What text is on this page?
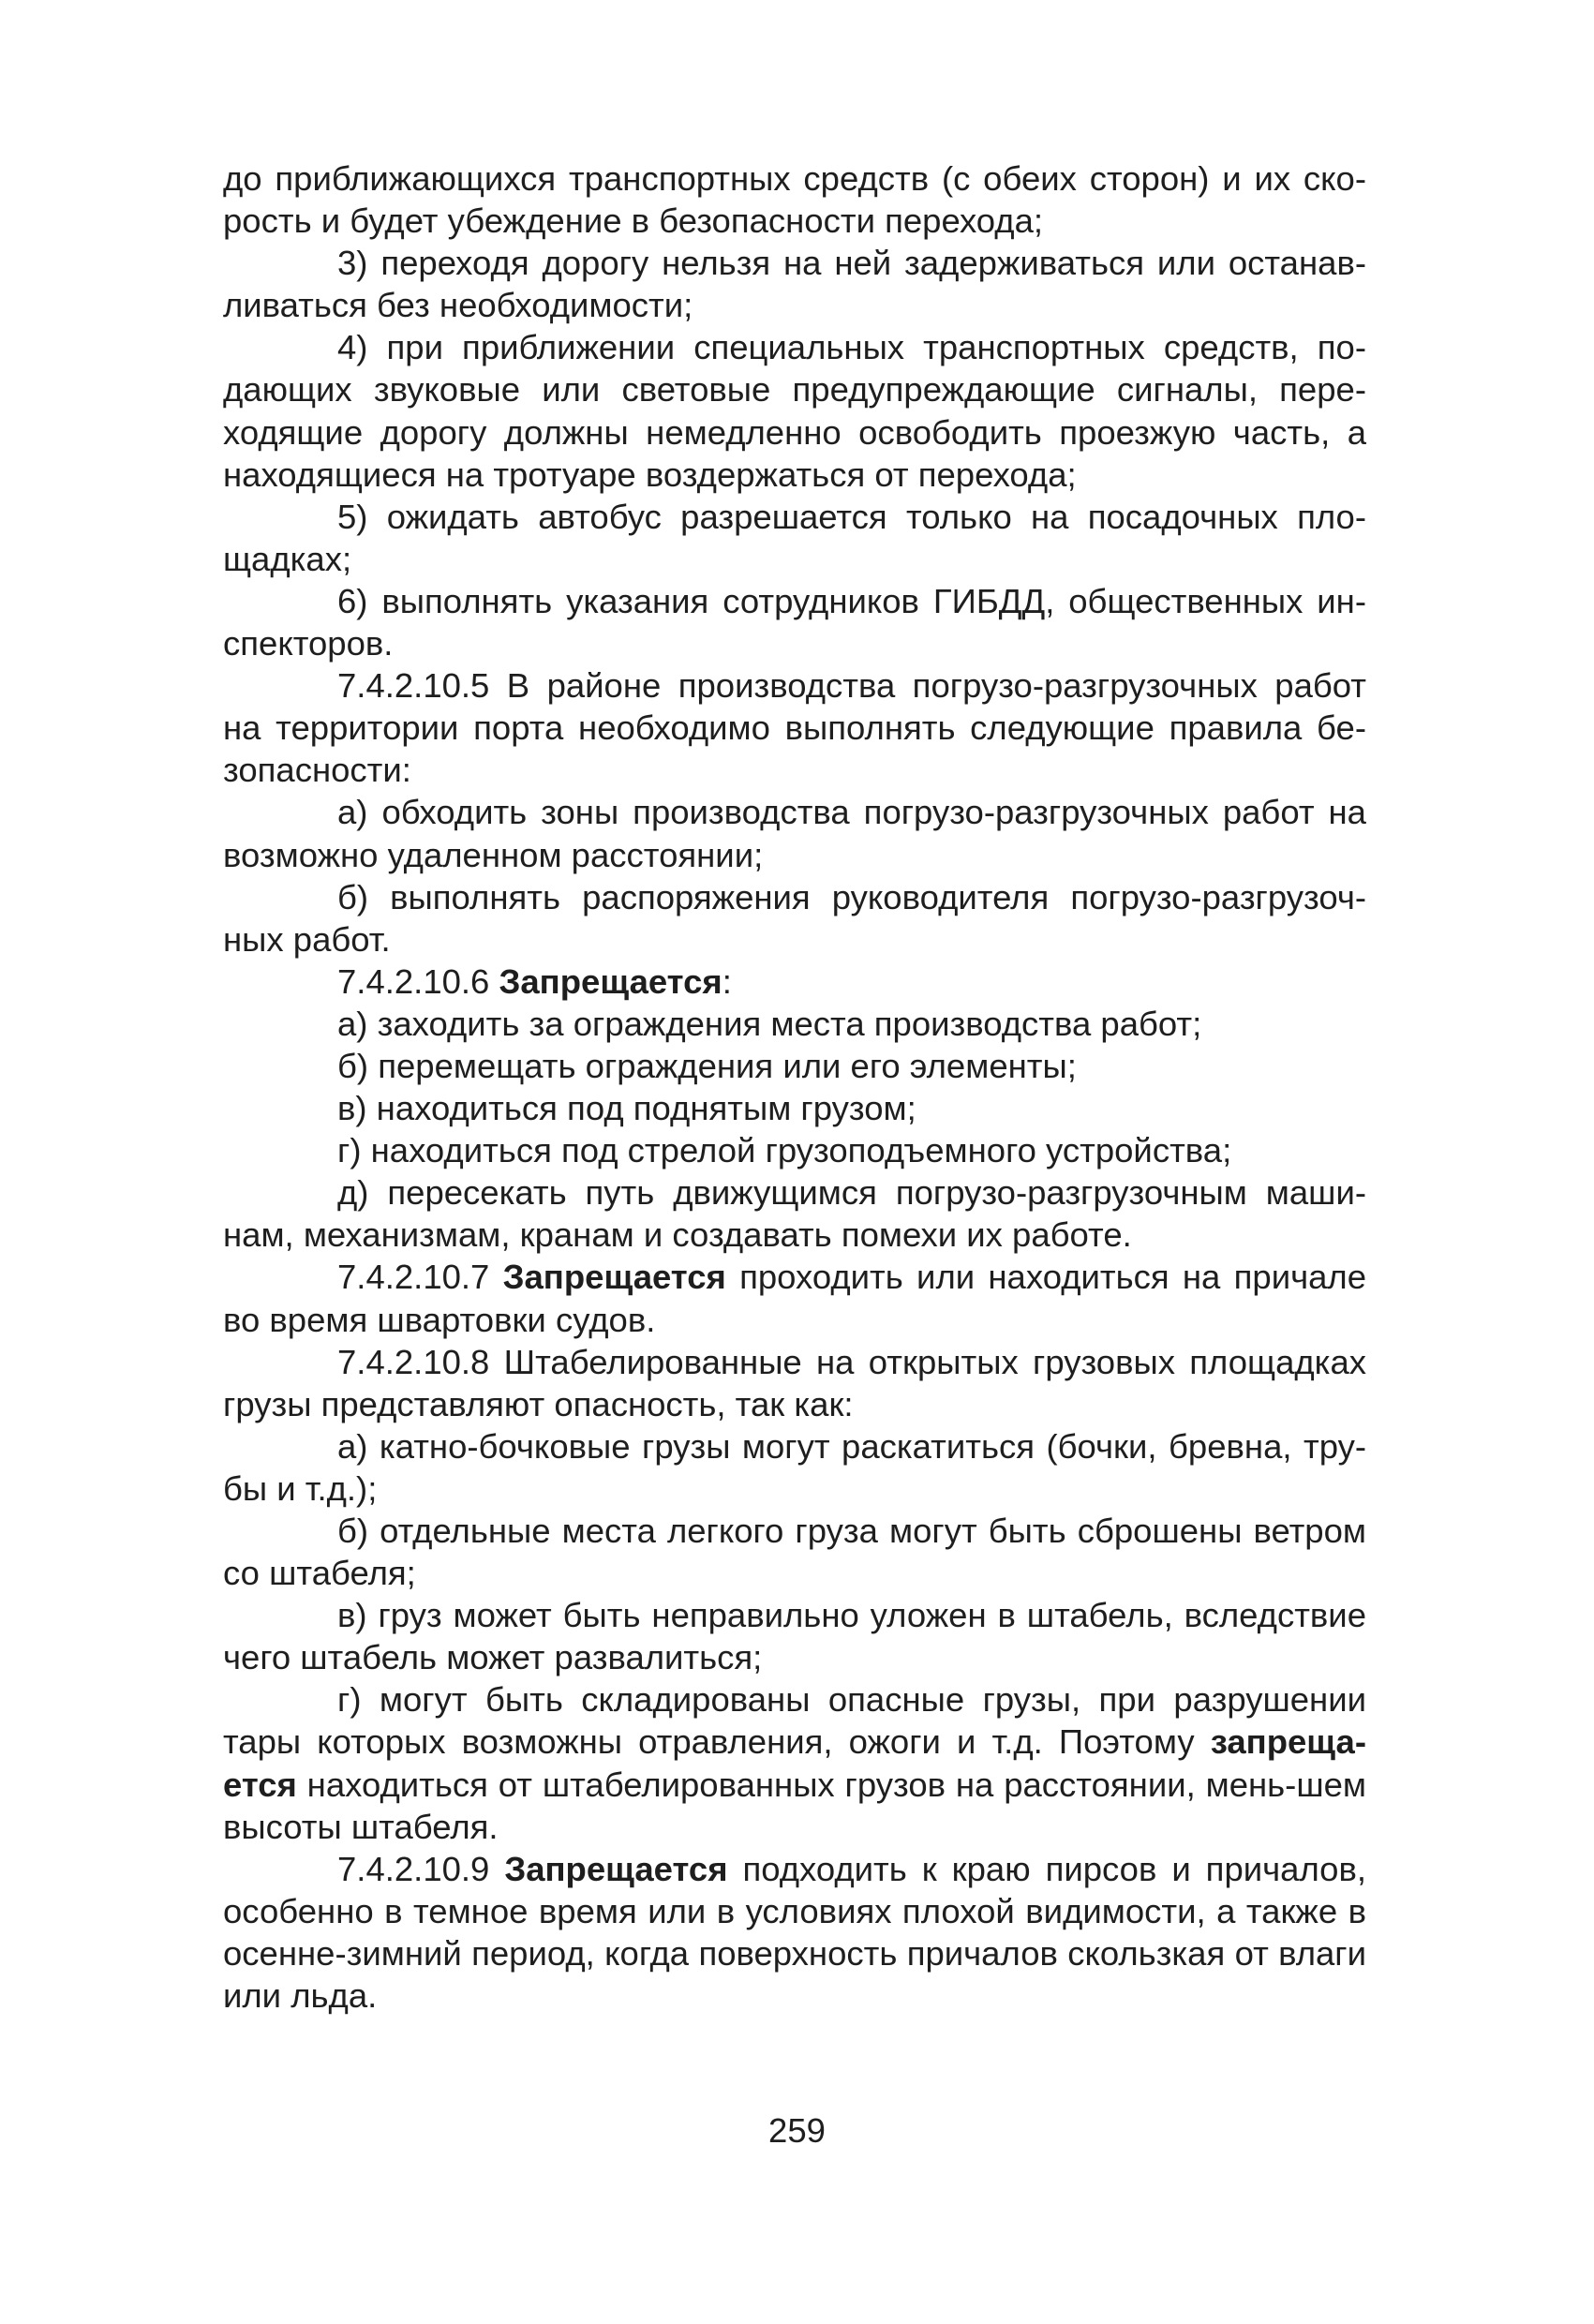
до приближающихся транспортных средств (с обеих сторон) и их ско-рость и будет убеждение в безопасности перехода;

3) переходя дорогу нельзя на ней задерживаться или останав-ливаться без необходимости;

4) при приближении специальных транспортных средств, по-дающих звуковые или световые предупреждающие сигналы, пере-ходящие дорогу должны немедленно освободить проезжую часть, а находящиеся на тротуаре воздержаться от перехода;

5) ожидать автобус разрешается только на посадочных пло-щадках;

6) выполнять указания сотрудников ГИБДД, общественных ин-спекторов.

7.4.2.10.5 В районе производства погрузо-разгрузочных работ на территории порта необходимо выполнять следующие правила бе-зопасности:

а) обходить зоны производства погрузо-разгрузочных работ на возможно удаленном расстоянии;

б) выполнять распоряжения руководителя погрузо-разгрузоч-ных работ.

7.4.2.10.6 Запрещается:

а) заходить за ограждения места производства работ;

б) перемещать ограждения или его элементы;

в) находиться под поднятым грузом;

г) находиться под стрелой грузоподъемного устройства;

д) пересекать путь движущимся погрузо-разгрузочным маши-нам, механизмам, кранам и создавать помехи их работе.

7.4.2.10.7 Запрещается проходить или находиться на причале во время швартовки судов.

7.4.2.10.8 Штабелированные на открытых грузовых площадках грузы представляют опасность, так как:

а) катно-бочковые грузы могут раскатиться (бочки, бревна, тру-бы и т.д.);

б) отдельные места легкого груза могут быть сброшены ветром со штабеля;

в) груз может быть неправильно уложен в штабель, вследствие чего штабель может развалиться;

г) могут быть складированы опасные грузы, при разрушении тары которых возможны отравления, ожоги и т.д. Поэтому запреща-ется находиться от штабелированных грузов на расстоянии, мень-шем высоты штабеля.

7.4.2.10.9 Запрещается подходить к краю пирсов и причалов, особенно в темное время или в условиях плохой видимости, а также в осенне-зимний период, когда поверхность причалов скользкая от влаги или льда.

259
